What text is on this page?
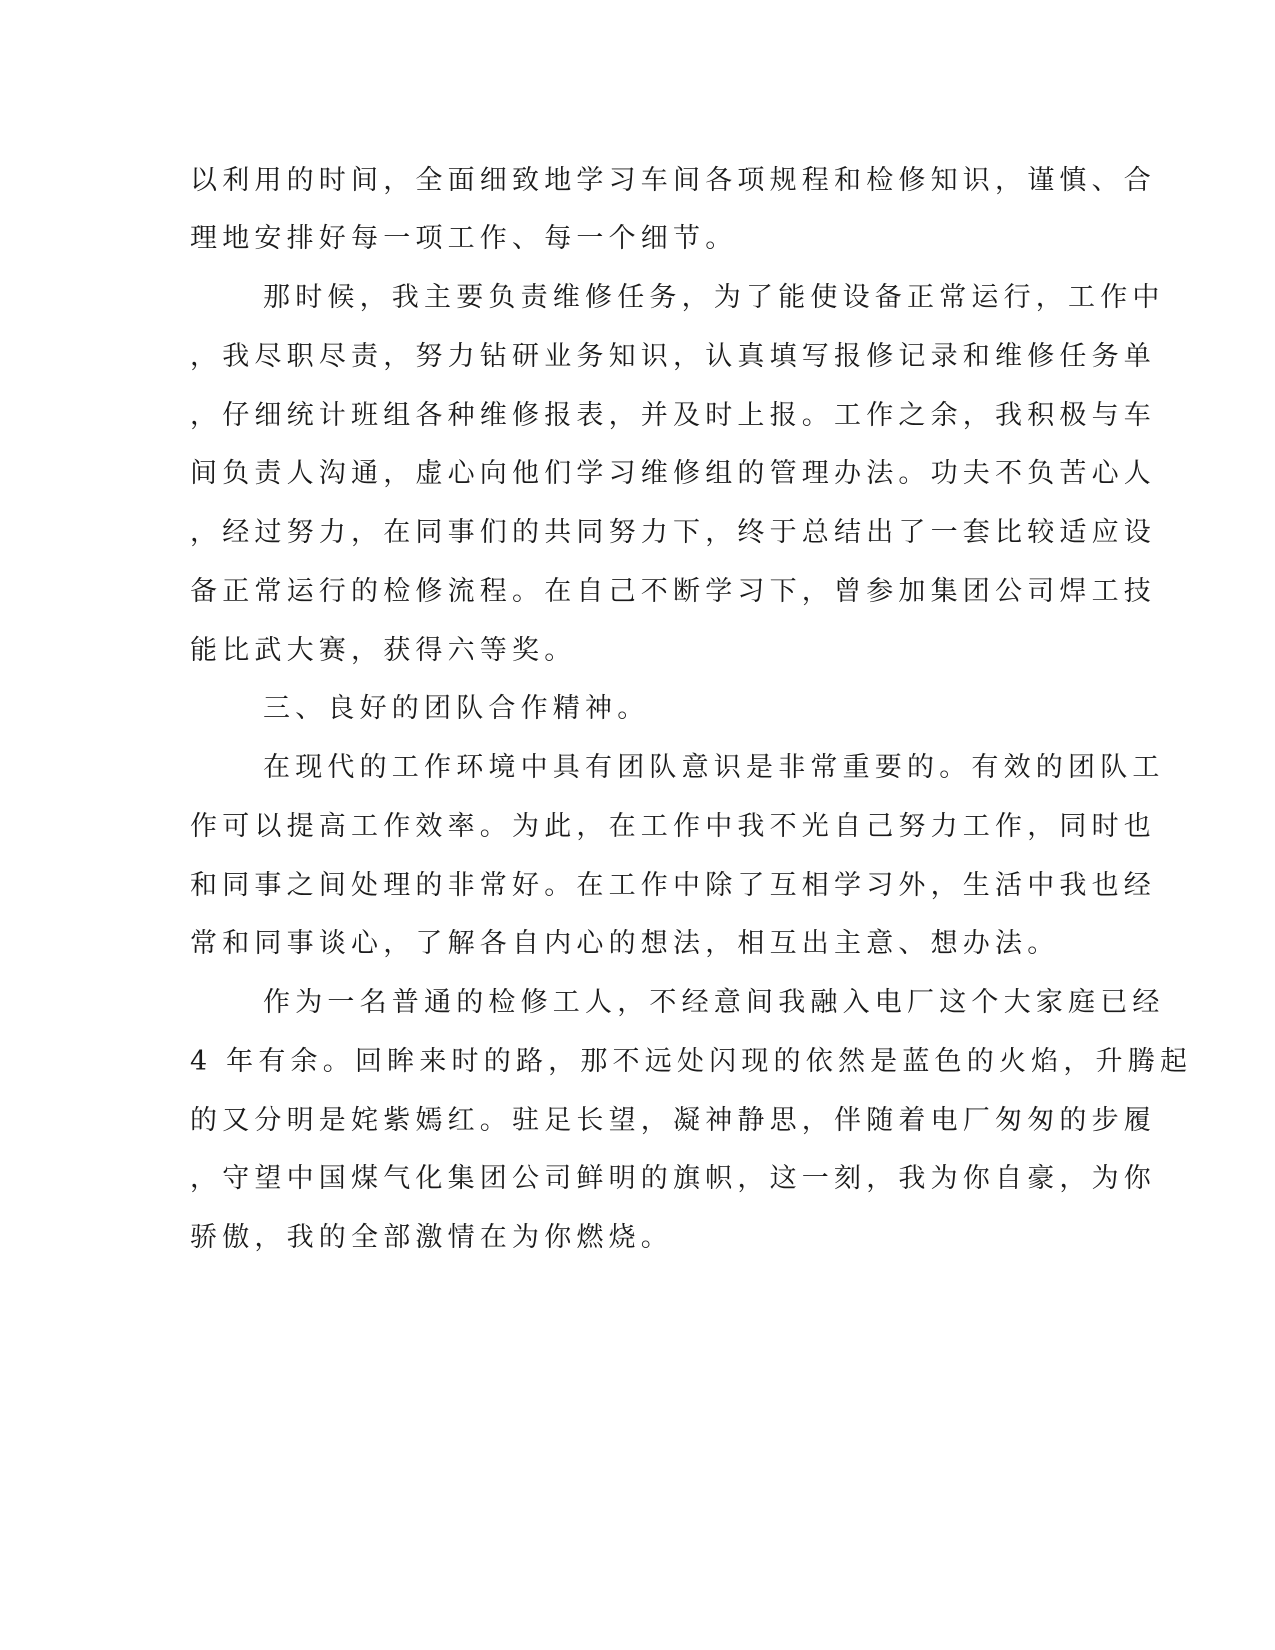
以利用的时间，全面细致地学习车间各项规程和检修知识，谨慎、合
理地安排好每一项工作、每一个细节。
那时候，我主要负责维修任务，为了能使设备正常运行，工作中
，我尽职尽责，努力钻研业务知识，认真填写报修记录和维修任务单
，仔细统计班组各种维修报表，并及时上报。工作之余，我积极与车
间负责人沟通，虚心向他们学习维修组的管理办法。功夫不负苦心人
，经过努力，在同事们的共同努力下，终于总结出了一套比较适应设
备正常运行的检修流程。在自己不断学习下，曾参加集团公司焊工技
能比武大赛，获得六等奖。
三、良好的团队合作精神。
在现代的工作环境中具有团队意识是非常重要的。有效的团队工
作可以提高工作效率。为此，在工作中我不光自己努力工作，同时也
和同事之间处理的非常好。在工作中除了互相学习外，生活中我也经
常和同事谈心，了解各自内心的想法，相互出主意、想办法。
作为一名普通的检修工人，不经意间我融入电厂这个大家庭已经
4 年有余。回眸来时的路，那不远处闪现的依然是蓝色的火焰，升腾起
的又分明是姹紫嫣红。驻足长望，凝神静思，伴随着电厂匆匆的步履
，守望中国煤气化集团公司鲜明的旗帜，这一刻，我为你自豪，为你
骄傲，我的全部激情在为你燃烧。
